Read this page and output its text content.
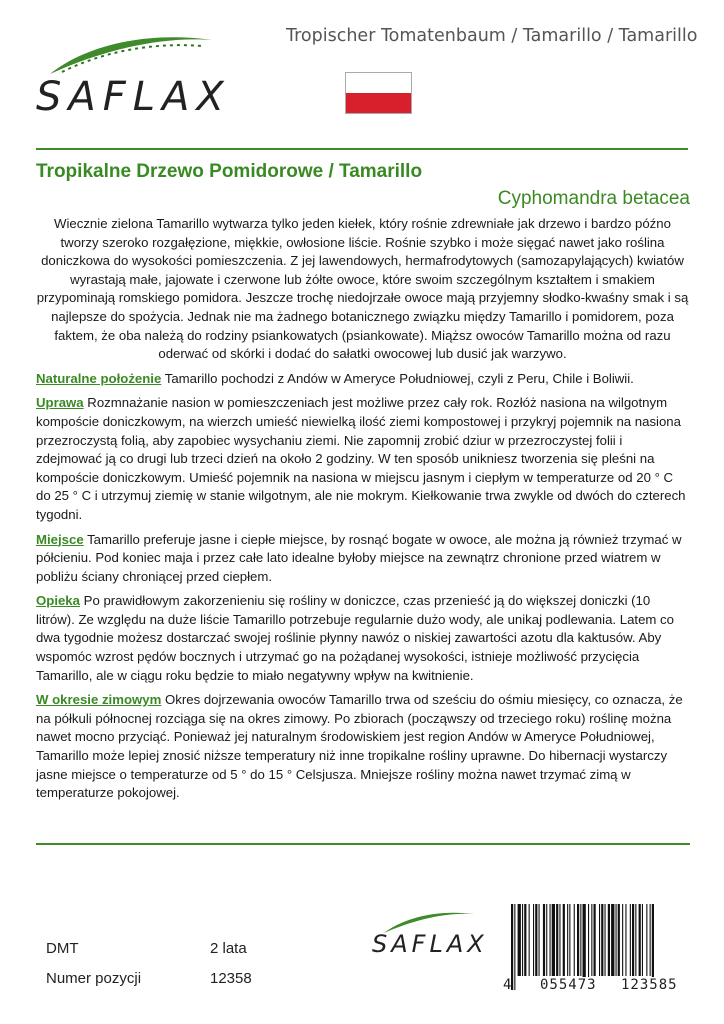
SAFLAX
Tropischer Tomatenbaum / Tamarillo / Tamarillo
Tropikalne Drzewo Pomidorowe / Tamarillo
Cyphomandra betacea

Wiecznie zielona Tamarillo wytwarza tylko jeden kiełek, który rośnie zdrewniałe jak drzewo i bardzo późno tworzy szeroko rozgałęzione, miękkie, owłosione liście. Rośnie szybko i może sięgać nawet jako roślina doniczkowa do wysokości pomieszczenia. Z jej lawendowych, hermafrodytowych (samozapylających) kwiatów wyrastają małe, jajowate i czerwone lub żółte owoce, które swoim szczególnym kształtem i smakiem przypominają romskiego pomidora. Jeszcze trochę niedojrzałe owoce mają przyjemny słodko-kwaśny smak i są najlepsze do spożycia. Jednak nie ma żadnego botanicznego związku między Tamarillo i pomidorem, poza faktem, że oba należą do rodziny psiankowatych (psiankowate). Miąższ owoców Tamarillo można od razu oderwać od skórki i dodać do sałatki owocowej lub dusić jak warzywo.

Naturalne położenie Tamarillo pochodzi z Andów w Ameryce Południowej, czyli z Peru, Chile i Boliwii.

Uprawa Rozmnażanie nasion w pomieszczeniach jest możliwe przez cały rok. Rozłóż nasiona na wilgotnym kompoście doniczkowym, na wierzch umieść niewielką ilość ziemi kompostowej i przykryj pojemnik na nasiona przezroczystą folią, aby zapobiec wysychaniu ziemi. Nie zapomnij zrobić dziur w przezroczystej folii i zdejmować ją co drugi lub trzeci dzień na około 2 godziny. W ten sposób unikniesz tworzenia się pleśni na kompoście doniczkowym. Umieść pojemnik na nasiona w miejscu jasnym i ciepłym w temperaturze od 20 ° C do 25 ° C i utrzymuj ziemię w stanie wilgotnym, ale nie mokrym. Kiełkowanie trwa zwykle od dwóch do czterech tygodni.

Miejsce Tamarillo preferuje jasne i ciepłe miejsce, by rosnąć bogate w owoce, ale można ją również trzymać w półcieniu. Pod koniec maja i przez całe lato idealne byłoby miejsce na zewnątrz chronione przed wiatrem w pobliżu ściany chroniącej przed ciepłem.

Opieka Po prawidłowym zakorzenieniu się rośliny w doniczce, czas przenieść ją do większej doniczki (10 litrów). Ze względu na duże liście Tamarillo potrzebuje regularnie dużo wody, ale unikaj podlewania. Latem co dwa tygodnie możesz dostarczać swojej roślinie płynny nawóz o niskiej zawartości azotu dla kaktusów. Aby wspomóc wzrost pędów bocznych i utrzymać go na pożądanej wysokości, istnieje możliwość przycięcia Tamarillo, ale w ciągu roku będzie to miało negatywny wpływ na kwitnienie.

W okresie zimowym Okres dojrzewania owoców Tamarillo trwa od sześciu do ośmiu miesięcy, co oznacza, że na półkuli północnej rozciąga się na okres zimowy. Po zbiorach (począwszy od trzeciego roku) roślinę można nawet mocno przyciąć. Ponieważ jej naturalnym środowiskiem jest region Andów w Ameryce Południowej, Tamarillo może lepiej znosić niższe temperatury niż inne tropikalne rośliny uprawne. Do hibernacji wystarczy jasne miejsce o temperaturze od 5 ° do 15 ° Celsjusza. Mniejsze rośliny można nawet trzymać zimą w temperaturze pokojowej.

DMT	2 lata
Numer pozycji	12358
SAFLAX
4 055473 123585
